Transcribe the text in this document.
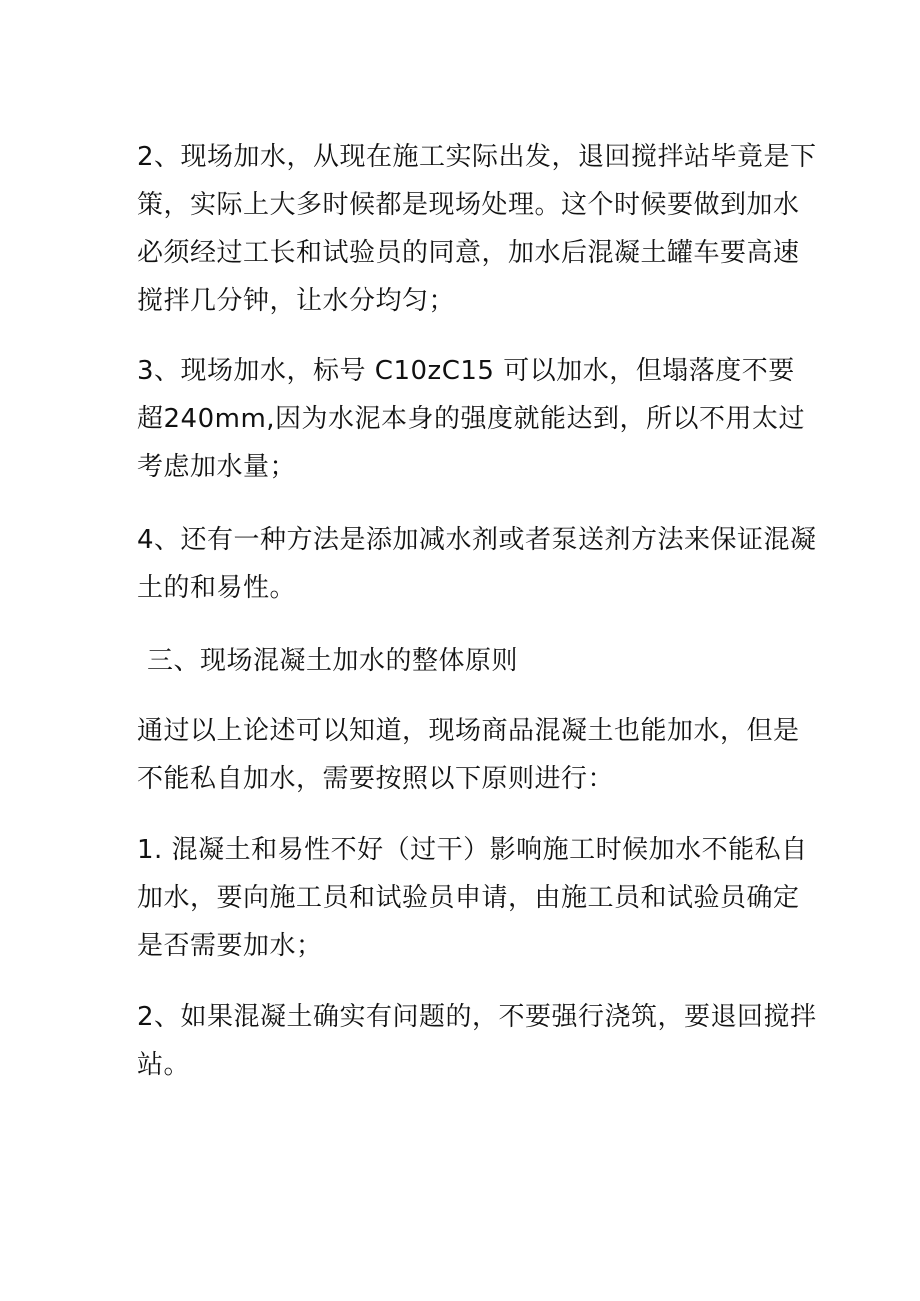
2、现场加水，从现在施工实际出发，退回搅拌站毕竟是下策，实际上大多时候都是现场处理。这个时候要做到加水必须经过工长和试验员的同意，加水后混凝土罐车要高速搅拌几分钟，让水分均匀；

3、现场加水，标号 C10zC15 可以加水，但塌落度不要超240mm,因为水泥本身的强度就能达到，所以不用太过考虑加水量；

4、还有一种方法是添加减水剂或者泵送剂方法来保证混凝土的和易性。

三、现场混凝土加水的整体原则

通过以上论述可以知道，现场商品混凝土也能加水，但是不能私自加水，需要按照以下原则进行：

1. 混凝土和易性不好（过干）影响施工时候加水不能私自加水，要向施工员和试验员申请，由施工员和试验员确定是否需要加水；

2、如果混凝土确实有问题的，不要强行浇筑，要退回搅拌站。
